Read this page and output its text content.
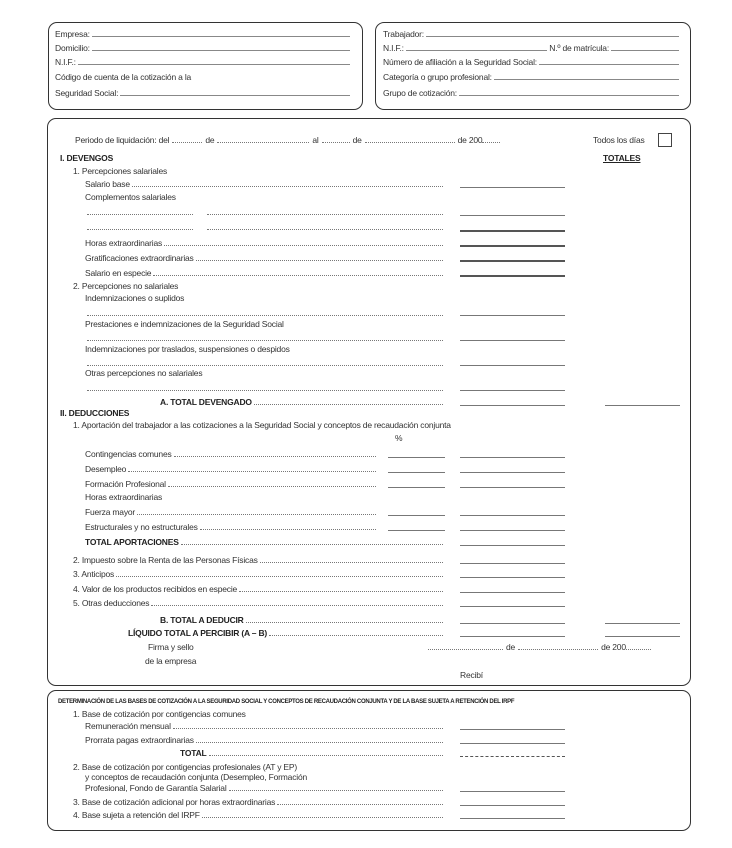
Empresa:
Domicilio:
N.I.F.:
Código de cuenta de la cotización a la
Seguridad Social:
Trabajador:
N.I.F.:	N.º de matrícula:
Número de afiliación a la Seguridad Social:
Categoría o grupo profesional:
Grupo de cotización:
Periodo de liquidación: del	de	al	de	de 200	Todos los días
I. DEVENGOS	TOTALES
1. Percepciones salariales
Salario base
Complementos salariales
Horas extraordinarias
Gratificaciones extraordinarias
Salario en especie
2. Percepciones no salariales
Indemnizaciones o suplidos
Prestaciones e indemnizaciones de la Seguridad Social
Indemnizaciones por traslados, suspensiones o despidos
Otras percepciones no salariales
A. TOTAL DEVENGADO
II. DEDUCCIONES
1. Aportación del trabajador a las cotizaciones a la Seguridad Social y conceptos de recaudación conjunta
%
Contingencias comunes
Desempleo
Formación Profesional
Horas extraordinarias
Fuerza mayor
Estructurales y no estructurales
TOTAL APORTACIONES
2. Impuesto sobre la Renta de las Personas Físicas
3. Anticipos
4. Valor de los productos recibidos en especie
5. Otras deducciones
B. TOTAL A DEDUCIR
LÍQUIDO TOTAL A PERCIBIR (A – B)
Firma y sello
de la empresa
de	de 200
Recibí
DETERMINACIÓN DE LAS BASES DE COTIZACIÓN A LA SEGURIDAD SOCIAL Y CONCEPTOS DE RECAUDACIÓN CONJUNTA Y DE LA BASE SUJETA A RETENCIÓN DEL IRPF
1. Base de cotización por contigencias comunes
Remuneración mensual
Prorrata pagas extraordinarias
TOTAL
2. Base de cotización por contigencias profesionales (AT y EP)
y conceptos de recaudación conjunta (Desempleo, Formación
Profesional, Fondo de Garantía Salarial
3. Base de cotización adicional por horas extraordinarias
4. Base sujeta a retención del IRPF
